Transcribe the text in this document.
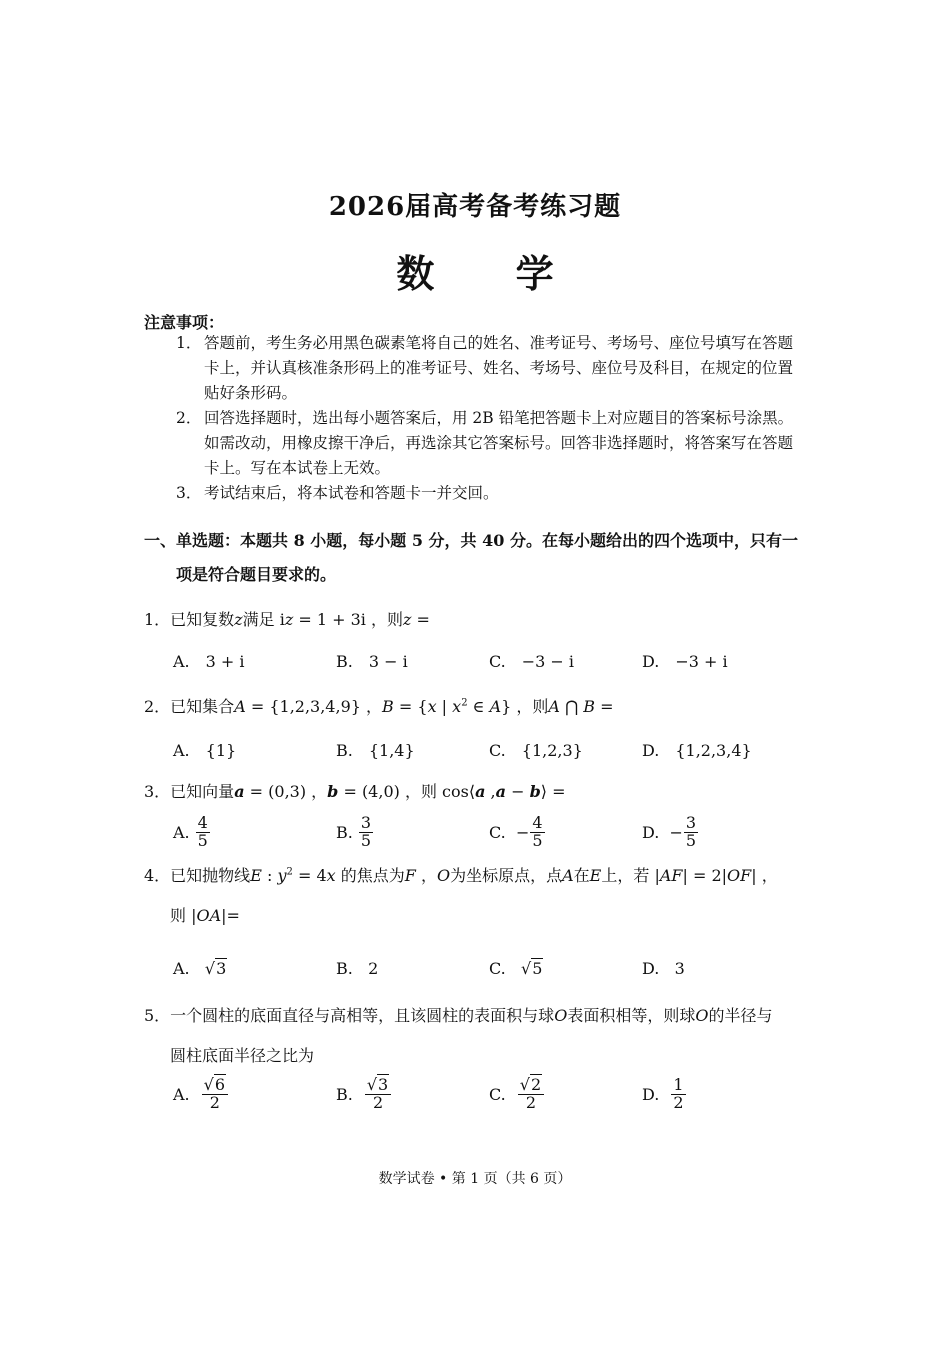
2026届高考备考练习题
数 学
注意事项：
1． 答题前，考生务必用黑色碳素笔将自己的姓名、准考证号、考场号、座位号填写在答题卡上，并认真核准条形码上的准考证号、姓名、考场号、座位号及科目，在规定的位置贴好条形码。
2． 回答选择题时，选出每小题答案后，用 2B 铅笔把答题卡上对应题目的答案标号涂黑。如需改动，用橡皮擦干净后，再选涂其它答案标号。回答非选择题时，将答案写在答题卡上。写在本试卷上无效。
3． 考试结束后，将本试卷和答题卡一并交回。
一、单选题：本题共 8 小题，每小题 5 分，共 40 分。在每小题给出的四个选项中，只有一
项是符合题目要求的。
1．已知复数z满足 iz = 1 + 3i ，则z =
A.　3 + i	B.　3 − i	C.　−3 − i	D.　−3 + i
2．已知集合A = {1,2,3,4,9} ，B = {x | $x^2$ ∈ A} ，则A ⋂ B =
A.　{1}	B.　{1,4}	C.　{1,2,3}	D.　{1,2,3,4}
3．已知向量a = (0,3) ，b = (4,0) ，则 cos⟨a ,a − b⟩ =
A. $\frac{4}{5}$	B. $\frac{3}{5}$	C. − $\frac{4}{5}$	D. − $\frac{3}{5}$
4．已知抛物线E : $y^2 = 4x$ 的焦点为F ，O为坐标原点，点A在E上，若 |AF| = 2|OF| ，
则 |OA|=
A. √3	B. 2	C. √5	D. 3
5．一个圆柱的底面直径与高相等，且该圆柱的表面积与球O表面积相等，则球O的半径与
圆柱底面半径之比为
A. $\frac{√6}{2}$	B. $\frac{√3}{2}$	C. $\frac{√2}{2}$	D. $\frac{1}{2}$
数学试卷 • 第 1 页（共 6 页）
